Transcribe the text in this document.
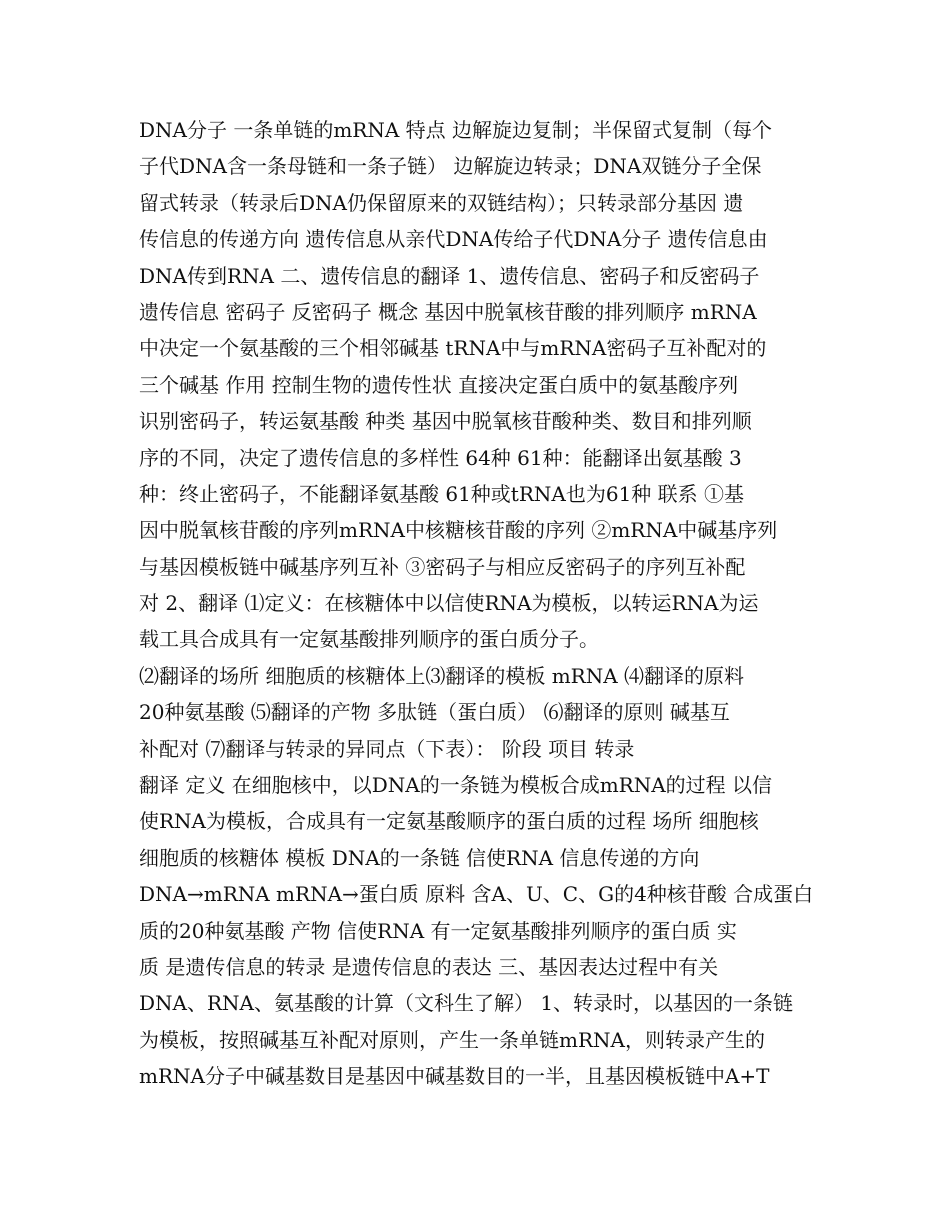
DNA分子 一条单链的mRNA 特点 边解旋边复制；半保留式复制（每个
子代DNA含一条母链和一条子链） 边解旋边转录；DNA双链分子全保
留式转录（转录后DNA仍保留原来的双链结构）；只转录部分基因 遗
传信息的传递方向 遗传信息从亲代DNA传给子代DNA分子 遗传信息由
DNA传到RNA 二、遗传信息的翻译 1、遗传信息、密码子和反密码子
遗传信息 密码子 反密码子 概念 基因中脱氧核苷酸的排列顺序 mRNA
中决定一个氨基酸的三个相邻碱基 tRNA中与mRNA密码子互补配对的
三个碱基 作用 控制生物的遗传性状 直接决定蛋白质中的氨基酸序列
识别密码子，转运氨基酸 种类 基因中脱氧核苷酸种类、数目和排列顺
序的不同，决定了遗传信息的多样性 64种 61种：能翻译出氨基酸 3
种：终止密码子，不能翻译氨基酸 61种或tRNA也为61种 联系 ①基
因中脱氧核苷酸的序列mRNA中核糖核苷酸的序列 ②mRNA中碱基序列
与基因模板链中碱基序列互补 ③密码子与相应反密码子的序列互补配
对 2、翻译 ⑴定义：在核糖体中以信使RNA为模板，以转运RNA为运
载工具合成具有一定氨基酸排列顺序的蛋白质分子。
⑵翻译的场所 细胞质的核糖体上⑶翻译的模板 mRNA ⑷翻译的原料
20种氨基酸 ⑸翻译的产物 多肽链（蛋白质） ⑹翻译的原则 碱基互
补配对 ⑺翻译与转录的异同点（下表）： 阶段 项目 转录
翻译 定义 在细胞核中，以DNA的一条链为模板合成mRNA的过程 以信
使RNA为模板，合成具有一定氨基酸顺序的蛋白质的过程 场所 细胞核
细胞质的核糖体 模板 DNA的一条链 信使RNA 信息传递的方向
DNA→mRNA mRNA→蛋白质 原料 含A、U、C、G的4种核苷酸 合成蛋白
质的20种氨基酸 产物 信使RNA 有一定氨基酸排列顺序的蛋白质 实
质 是遗传信息的转录 是遗传信息的表达 三、基因表达过程中有关
DNA、RNA、氨基酸的计算（文科生了解） 1、转录时，以基因的一条链
为模板，按照碱基互补配对原则，产生一条单链mRNA，则转录产生的
mRNA分子中碱基数目是基因中碱基数目的一半，且基因模板链中A+T
